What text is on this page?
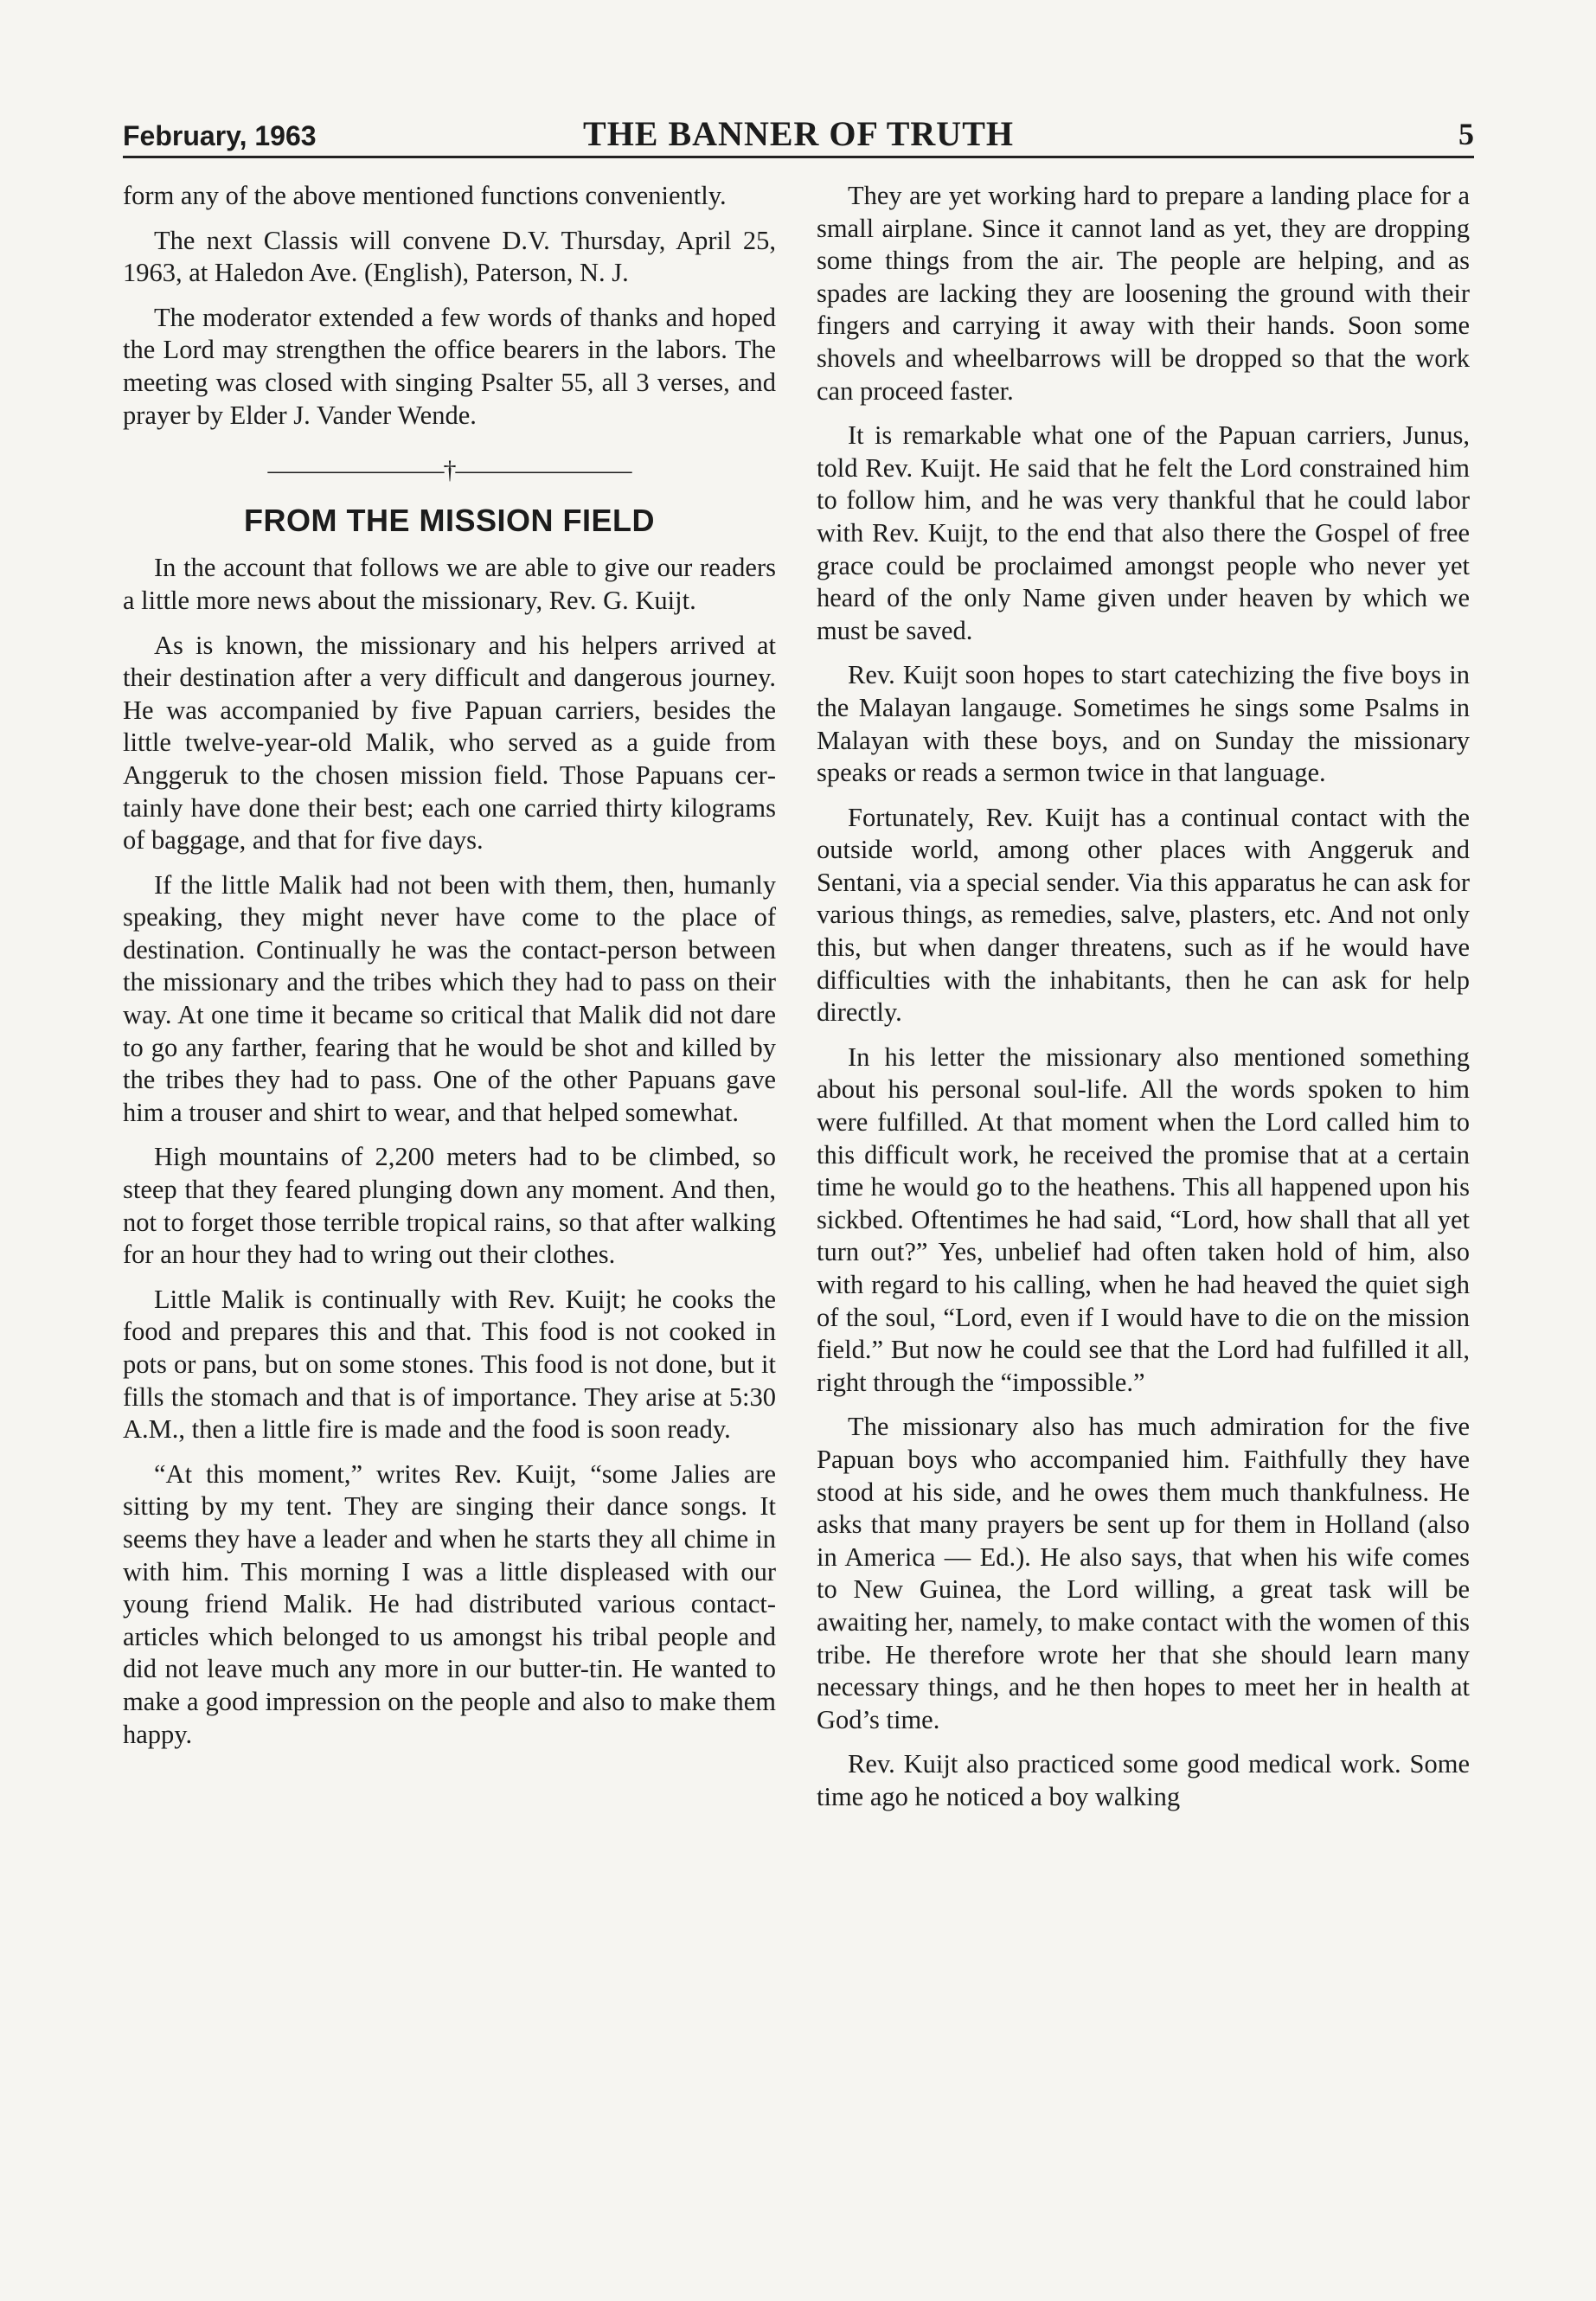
February, 1963	THE BANNER OF TRUTH	5

form any of the above mentioned functions conveniently.

The next Classis will convene D.V. Thursday, April 25, 1963, at Haledon Ave. (English), Paterson, N. J.

The moderator extended a few words of thanks and hoped the Lord may strengthen the office bearers in the labors. The meeting was closed with singing Psalter 55, all 3 verses, and prayer by Elder J. Vander Wende.

———————†———————
FROM THE MISSION FIELD

In the account that follows we are able to give our readers a little more news about the missionary, Rev. G. Kuijt.

As is known, the missionary and his helpers arrived at their destination after a very difficult and dangerous journey. He was accompanied by five Papuan carriers, besides the little twelve-year-old Malik, who served as a guide from Anggeruk to the chosen mission field. Those Papuans certainly have done their best; each one carried thirty kilograms of baggage, and that for five days.

If the little Malik had not been with them, then, humanly speaking, they might never have come to the place of destination. Continually he was the contact-person between the missionary and the tribes which they had to pass on their way. At one time it became so critical that Malik did not dare to go any farther, fearing that he would be shot and killed by the tribes they had to pass. One of the other Papuans gave him a trouser and shirt to wear, and that helped somewhat.

High mountains of 2,200 meters had to be climbed, so steep that they feared plunging down any moment. And then, not to forget those terrible tropical rains, so that after walking for an hour they had to wring out their clothes.

Little Malik is continually with Rev. Kuijt; he cooks the food and prepares this and that. This food is not cooked in pots or pans, but on some stones. This food is not done, but it fills the stomach and that is of importance. They arise at 5:30 A.M., then a little fire is made and the food is soon ready.

“At this moment,” writes Rev. Kuijt, “some Jalies are sitting by my tent. They are singing their dance songs. It seems they have a leader and when he starts they all chime in with him. This morning I was a little displeased with our young friend Malik. He had distributed various contact-articles which belonged to us amongst his tribal people and did not leave much any more in our butter-tin. He wanted to make a good impression on the people and also to make them happy.

They are yet working hard to prepare a landing place for a small airplane. Since it cannot land as yet, they are dropping some things from the air. The people are helping, and as spades are lacking they are loosening the ground with their fingers and carrying it away with their hands. Soon some shovels and wheelbarrows will be dropped so that the work can proceed faster.

It is remarkable what one of the Papuan carriers, Junus, told Rev. Kuijt. He said that he felt the Lord constrained him to follow him, and he was very thankful that he could labor with Rev. Kuijt, to the end that also there the Gospel of free grace could be proclaimed amongst people who never yet heard of the only Name given under heaven by which we must be saved.

Rev. Kuijt soon hopes to start catechizing the five boys in the Malayan langauge. Sometimes he sings some Psalms in Malayan with these boys, and on Sunday the missionary speaks or reads a sermon twice in that language.

Fortunately, Rev. Kuijt has a continual contact with the outside world, among other places with Anggeruk and Sentani, via a special sender. Via this apparatus he can ask for various things, as remedies, salve, plasters, etc. And not only this, but when danger threatens, such as if he would have difficulties with the inhabitants, then he can ask for help directly.

In his letter the missionary also mentioned something about his personal soul-life. All the words spoken to him were fulfilled. At that moment when the Lord called him to this difficult work, he received the promise that at a certain time he would go to the heathens. This all happened upon his sickbed. Oftentimes he had said, “Lord, how shall that all yet turn out?” Yes, unbelief had often taken hold of him, also with regard to his calling, when he had heaved the quiet sigh of the soul, “Lord, even if I would have to die on the mission field.” But now he could see that the Lord had fulfilled it all, right through the “impossible.”

The missionary also has much admiration for the five Papuan boys who accompanied him. Faithfully they have stood at his side, and he owes them much thankfulness. He asks that many prayers be sent up for them in Holland (also in America — Ed.). He also says, that when his wife comes to New Guinea, the Lord willing, a great task will be awaiting her, namely, to make contact with the women of this tribe. He therefore wrote her that she should learn many necessary things, and he then hopes to meet her in health at God’s time.

Rev. Kuijt also practiced some good medical work. Some time ago he noticed a boy walking
